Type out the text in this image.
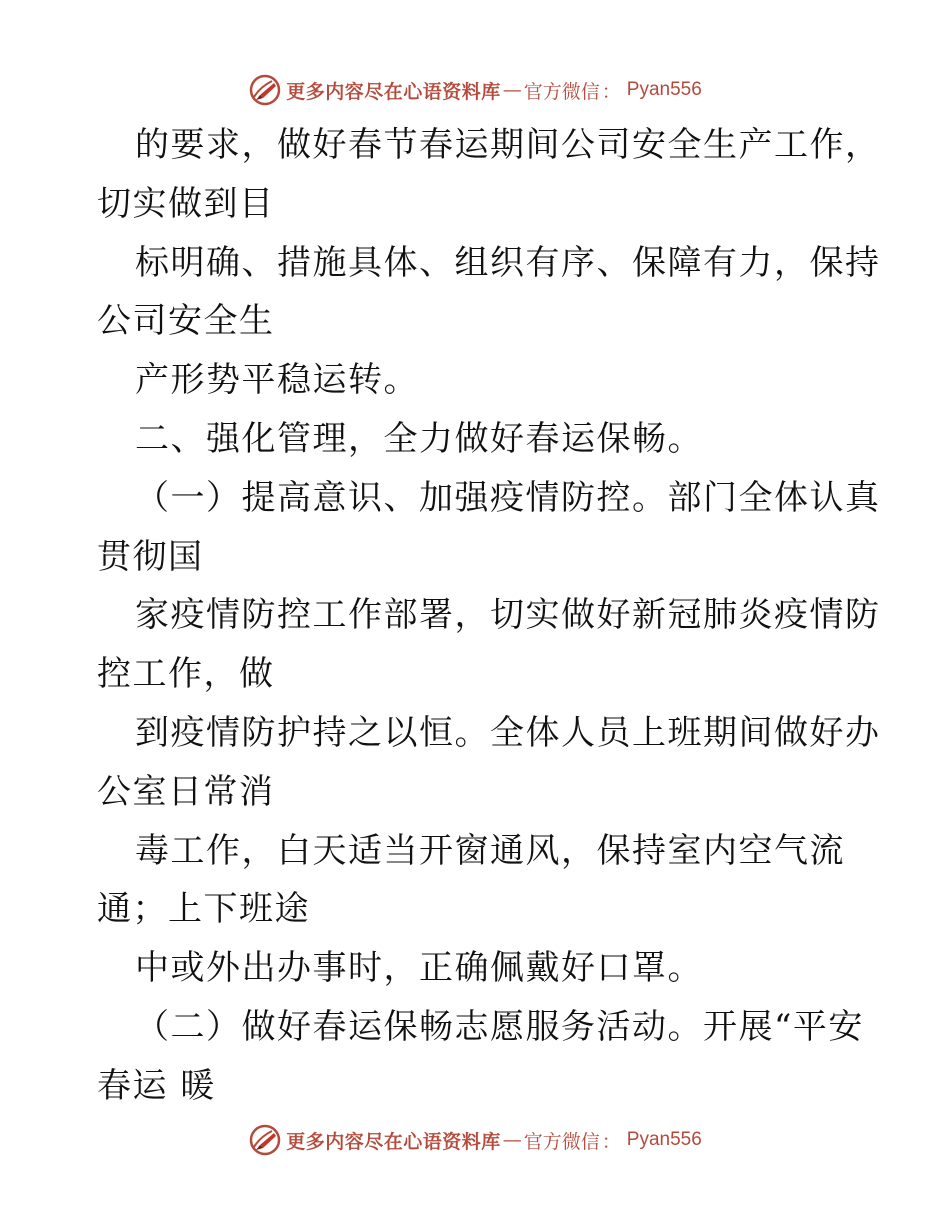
更多内容尽在心语资料库 — 官方微信 ： Pyan556
的要求，做好春节春运期间公司安全生产工作，
切实做到目
标明确、措施具体、组织有序、保障有力，保持
公司安全生
产形势平稳运转。
二、强化管理，全力做好春运保畅。
（一）提高意识、加强疫情防控。部门全体认真
贯彻国
家疫情防控工作部署，切实做好新冠肺炎疫情防
控工作，做
到疫情防护持之以恒。全体人员上班期间做好办
公室日常消
毒工作，白天适当开窗通风，保持室内空气流
通；上下班途
中或外出办事时，正确佩戴好口罩。
（二）做好春运保畅志愿服务活动。开展“平安
春运 暖
更多内容尽在心语资料库 — 官方微信 ： Pyan556
